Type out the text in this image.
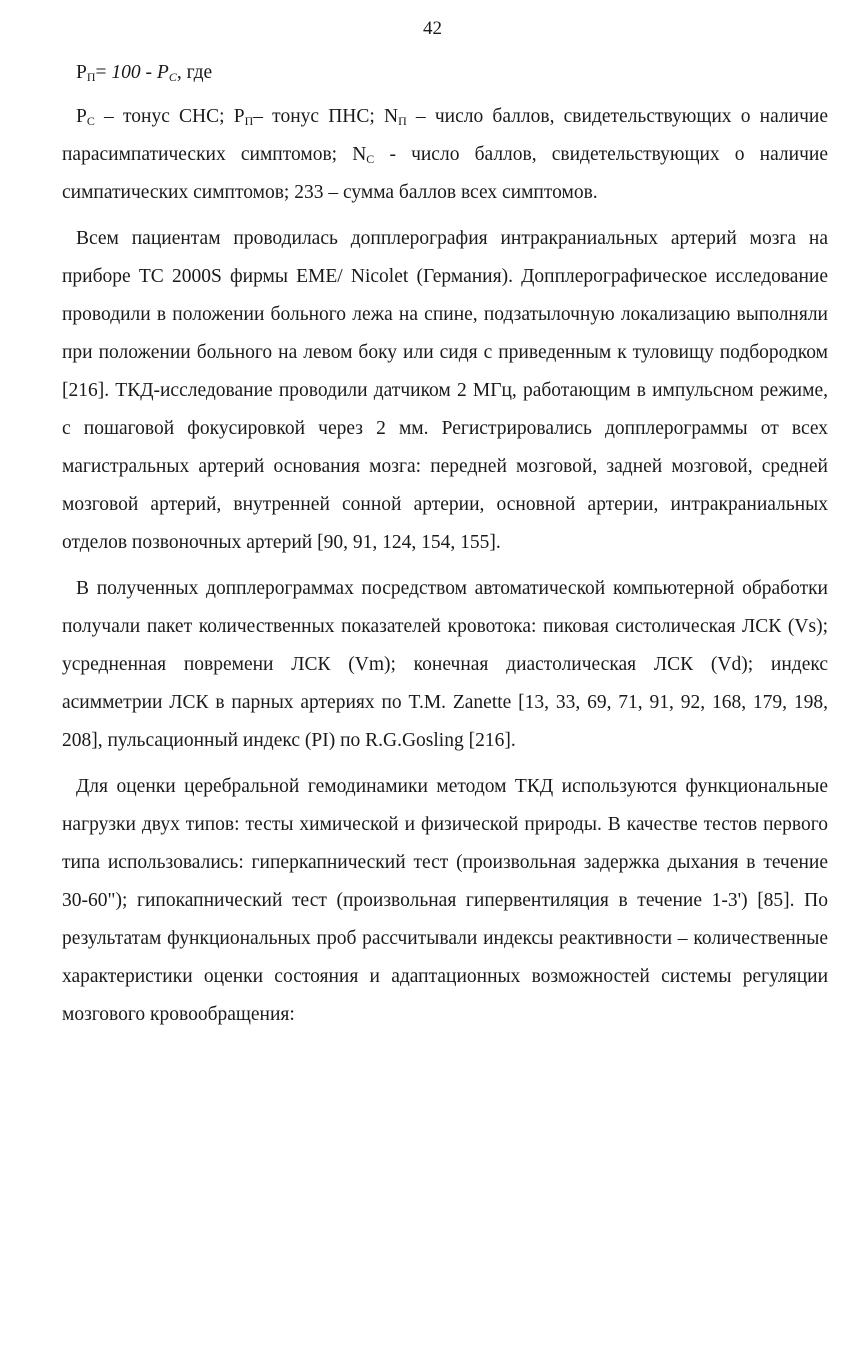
42

$P_П= 100 - P_C$, где

$P_C$ – тонус СНС; $P_П-$ тонус ПНС; $N_П$ – число баллов, свидетельствующих о наличие парасимпатических симптомов; $N_C$ - число баллов, свидетельствующих о наличие симпатических симптомов; 233 – сумма баллов всех симптомов.

Всем пациентам проводилась допплерография интракраниальных артерий мозга на приборе TC 2000S фирмы EME/ Nicolet (Германия). Допплерографическое исследование проводили в положении больного лежа на спине, подзатылочную локализацию выполняли при положении больного на левом боку или сидя с приведенным к туловищу подбородком [216]. ТКД-исследование проводили датчиком 2 МГц, работающим в импульсном режиме, с пошаговой фокусировкой через 2 мм. Регистрировались допплерограммы от всех магистральных артерий основания мозга: передней мозговой, задней мозговой, средней мозговой артерий, внутренней сонной артерии, основной артерии, интракраниальных отделов позвоночных артерий [90, 91, 124, 154, 155].

В полученных допплерограммах посредством автоматической компьютерной обработки получали пакет количественных показателей кровотока: пиковая систолическая ЛСК (Vs); усредненная повремени ЛСК (Vm); конечная диастолическая ЛСК (Vd); индекс асимметрии ЛСК в парных артериях по T.M. Zanette [13, 33, 69, 71, 91, 92, 168, 179, 198, 208], пульсационный индекс (PI) по R.G.Gosling [216].

Для оценки церебральной гемодинамики методом ТКД используются функциональные нагрузки двух типов: тесты химической и физической природы. В качестве тестов первого типа использовались: гиперкапнический тест (произвольная задержка дыхания в течение 30-60"); гипокапнический тест (произвольная гипервентиляция в течение 1-3') [85]. По результатам функциональных проб рассчитывали индексы реактивности – количественные характеристики оценки состояния и адаптационных возможностей системы регуляции мозгового кровообращения:
